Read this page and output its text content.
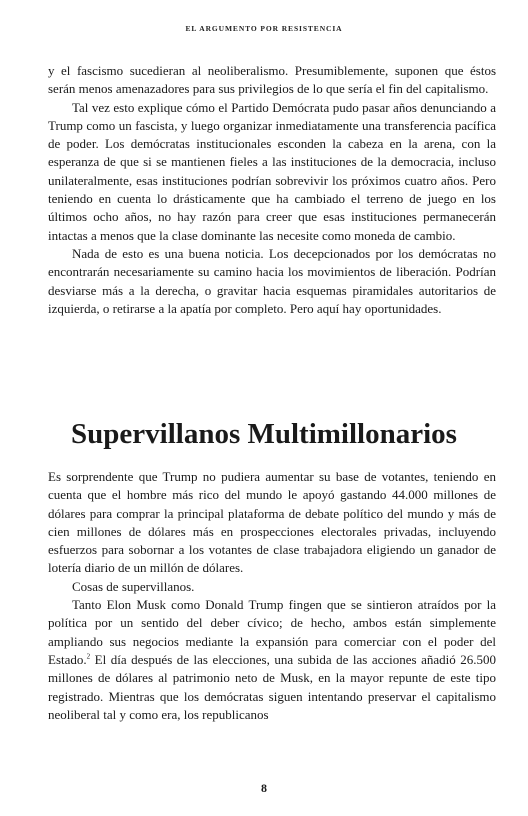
EL ARGUMENTO POR RESISTENCIA

y el fascismo sucedieran al neoliberalismo. Presumiblemente, suponen que éstos serán menos amenazadores para sus privilegios de lo que sería el fin del capitalismo.

Tal vez esto explique cómo el Partido Demócrata pudo pasar años denunciando a Trump como un fascista, y luego organizar inmediatamente una transferencia pacífica de poder. Los demócratas institucionales esconden la cabeza en la arena, con la esperanza de que si se mantienen fieles a las instituciones de la democracia, incluso unilateralmente, esas instituciones podrían sobrevivir los próximos cuatro años. Pero teniendo en cuenta lo drásticamente que ha cambiado el terreno de juego en los últimos ocho años, no hay razón para creer que esas instituciones permanecerán intactas a menos que la clase dominante las necesite como moneda de cambio.

Nada de esto es una buena noticia. Los decepcionados por los demócratas no encontrarán necesariamente su camino hacia los movimientos de liberación. Podrían desviarse más a la derecha, o gravitar hacia esquemas piramidales autoritarios de izquierda, o retirarse a la apatía por completo. Pero aquí hay oportunidades.

Supervillanos Multimillonarios

Es sorprendente que Trump no pudiera aumentar su base de votantes, teniendo en cuenta que el hombre más rico del mundo le apoyó gastando 44.000 millones de dólares para comprar la principal plataforma de debate político del mundo y más de cien millones de dólares más en prospecciones electorales privadas, incluyendo esfuerzos para sobornar a los votantes de clase trabajadora eligiendo un ganador de lotería diario de un millón de dólares.

Cosas de supervillanos.

Tanto Elon Musk como Donald Trump fingen que se sintieron atraídos por la política por un sentido del deber cívico; de hecho, ambos están simplemente ampliando sus negocios mediante la expansión para comerciar con el poder del Estado.$^2$ El día después de las elecciones, una subida de las acciones añadió 26.500 millones de dólares al patrimonio neto de Musk, en la mayor repunte de este tipo registrado. Mientras que los demócratas siguen intentando preservar el capitalismo neoliberal tal y como era, los republicanos

8
